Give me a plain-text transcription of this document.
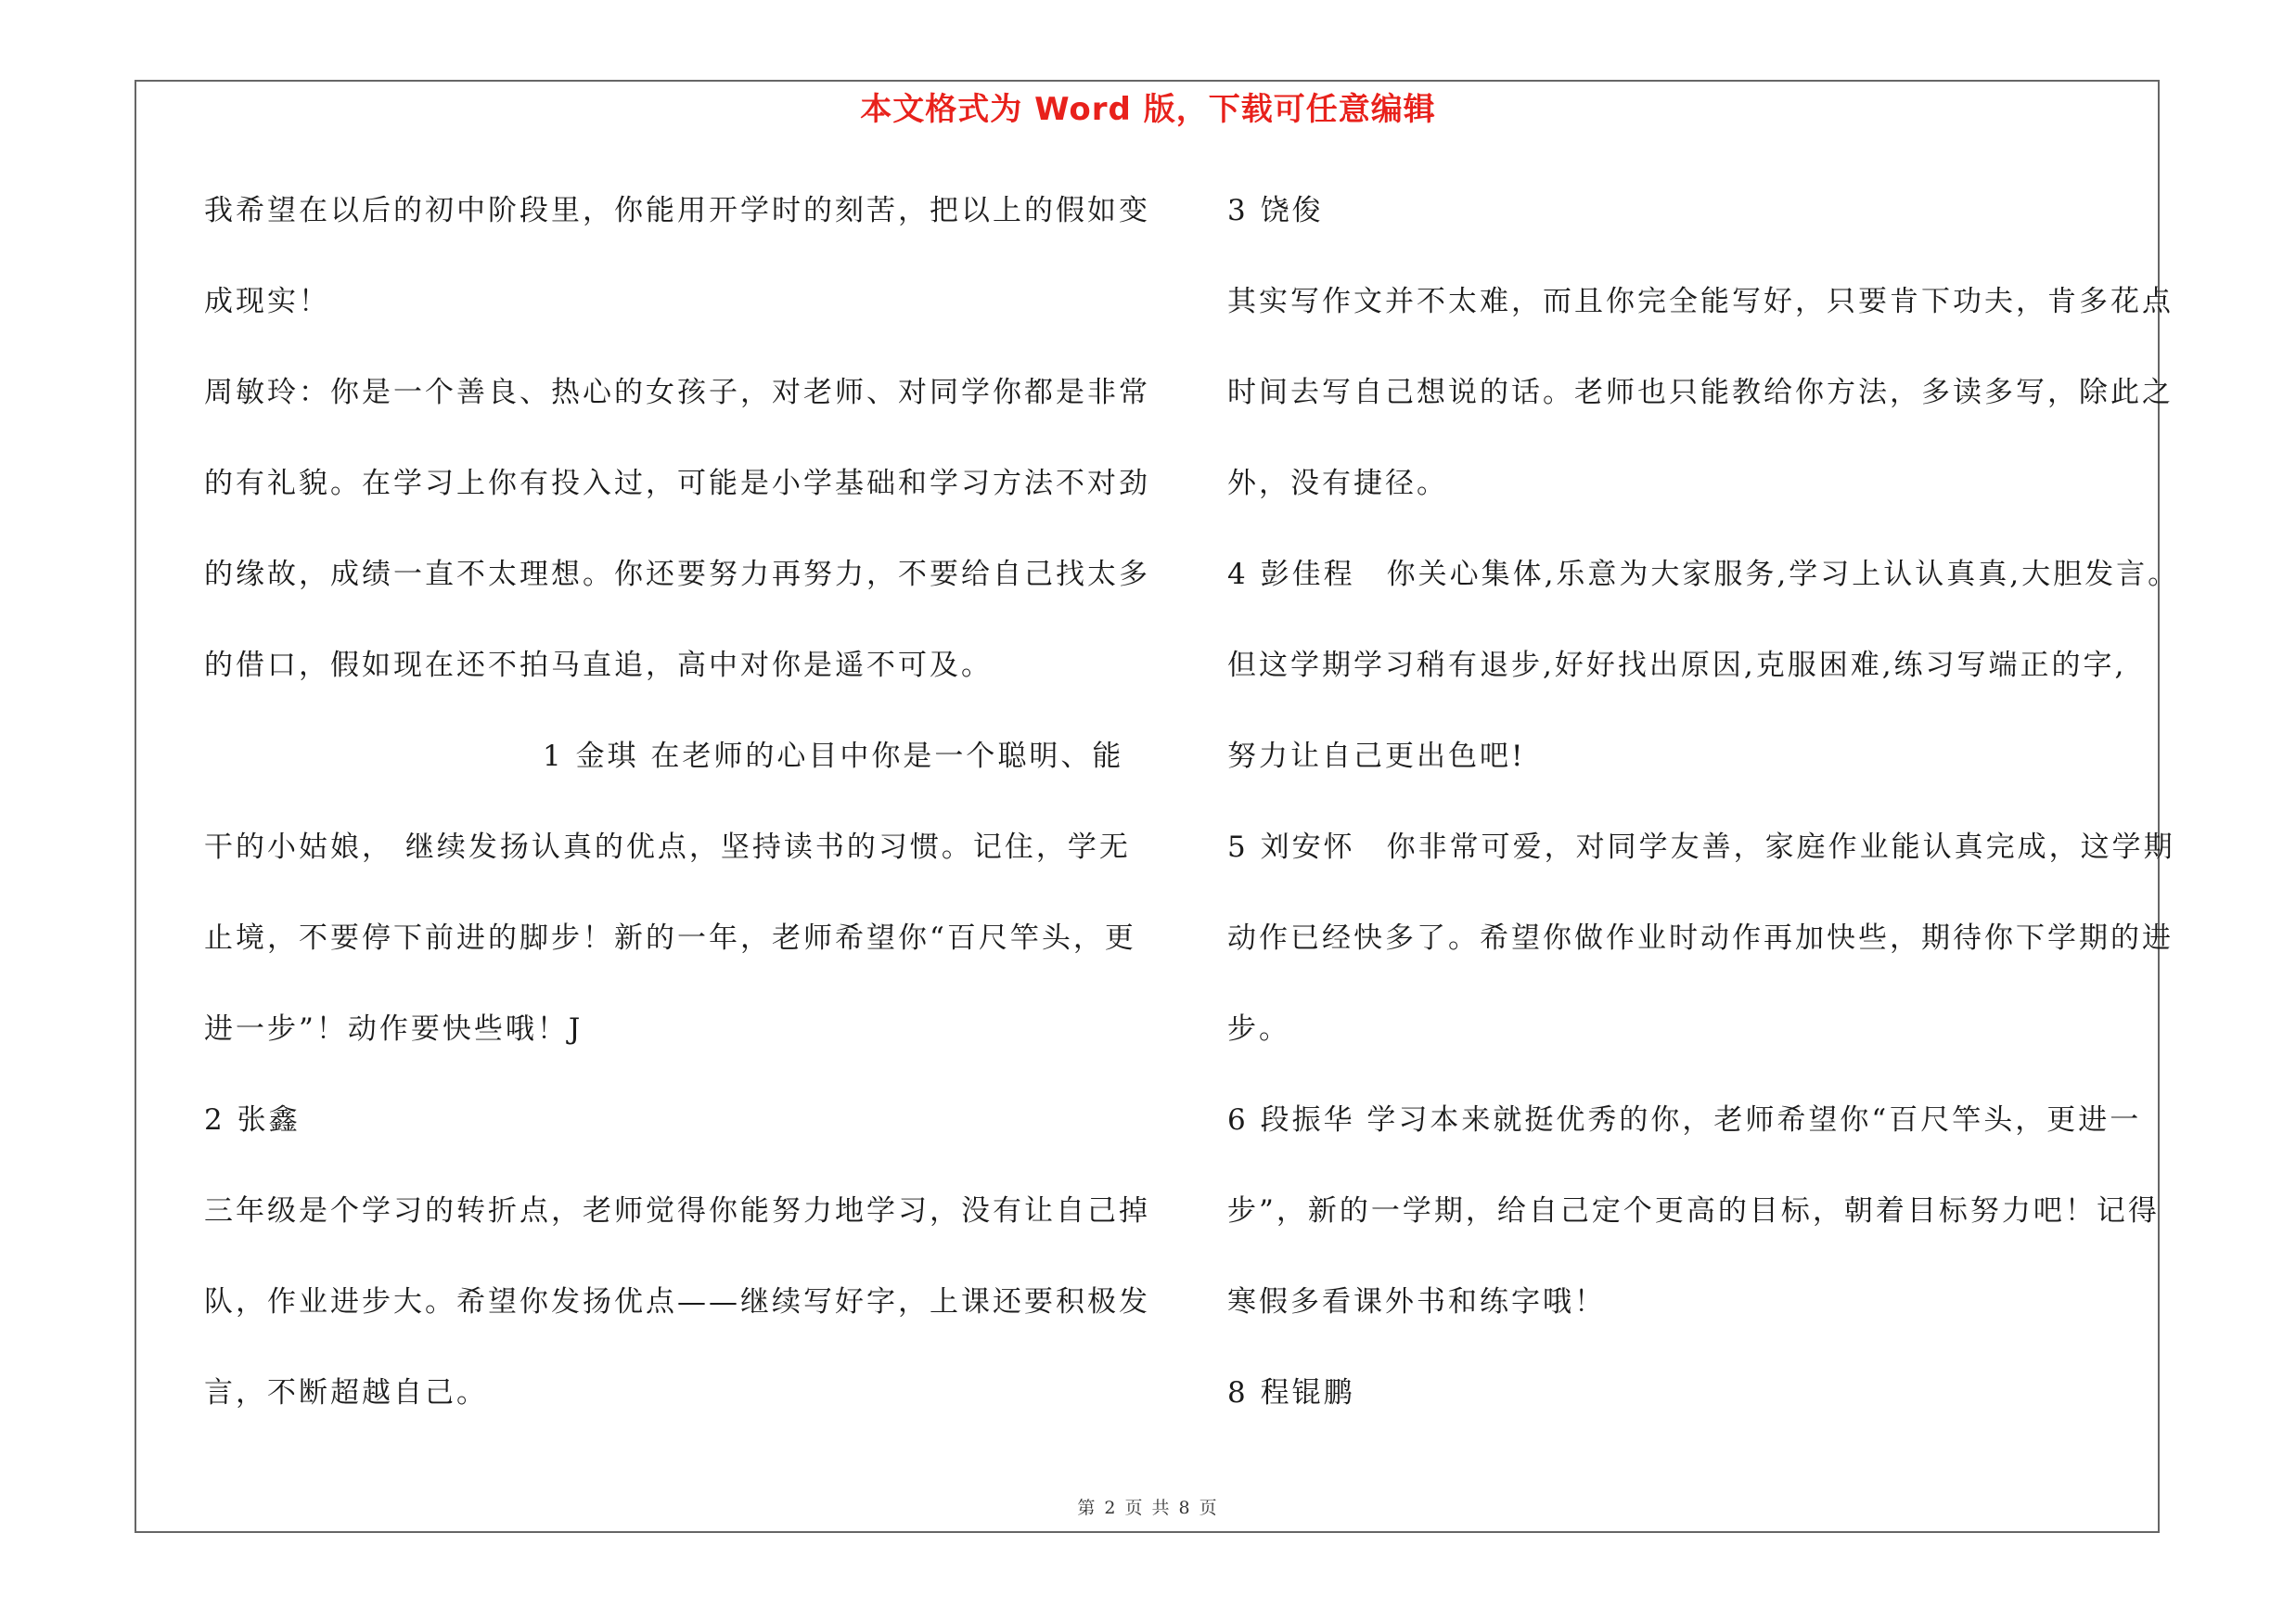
本文格式为 Word 版，下载可任意编辑
我希望在以后的初中阶段里，你能用开学时的刻苦，把以上的假如变
成现实！
周敏玲：你是一个善良、热心的女孩子，对老师、对同学你都是非常
的有礼貌。在学习上你有投入过，可能是小学基础和学习方法不对劲
的缘故，成绩一直不太理想。你还要努力再努力，不要给自己找太多
的借口，假如现在还不拍马直追，高中对你是遥不可及。
1 金琪 在老师的心目中你是一个聪明、能
干的小姑娘， 继续发扬认真的优点，坚持读书的习惯。记住，学无
止境，不要停下前进的脚步！新的一年，老师希望你“百尺竿头，更
进一步”！动作要快些哦！J
2 张鑫
三年级是个学习的转折点，老师觉得你能努力地学习，没有让自己掉
队，作业进步大。希望你发扬优点——继续写好字，上课还要积极发
言，不断超越自己。
3 饶俊
其实写作文并不太难，而且你完全能写好，只要肯下功夫，肯多花点
时间去写自己想说的话。老师也只能教给你方法，多读多写，除此之
外，没有捷径。
4 彭佳程　你关心集体,乐意为大家服务,学习上认认真真,大胆发言。
但这学期学习稍有退步,好好找出原因,克服困难,练习写端正的字,
努力让自己更出色吧!
5 刘安怀　你非常可爱，对同学友善，家庭作业能认真完成，这学期
动作已经快多了。希望你做作业时动作再加快些，期待你下学期的进
步。
6 段振华 学习本来就挺优秀的你，老师希望你“百尺竿头，更进一
步”，新的一学期，给自己定个更高的目标，朝着目标努力吧！记得
寒假多看课外书和练字哦！
8 程锟鹏
第 2 页 共 8 页
